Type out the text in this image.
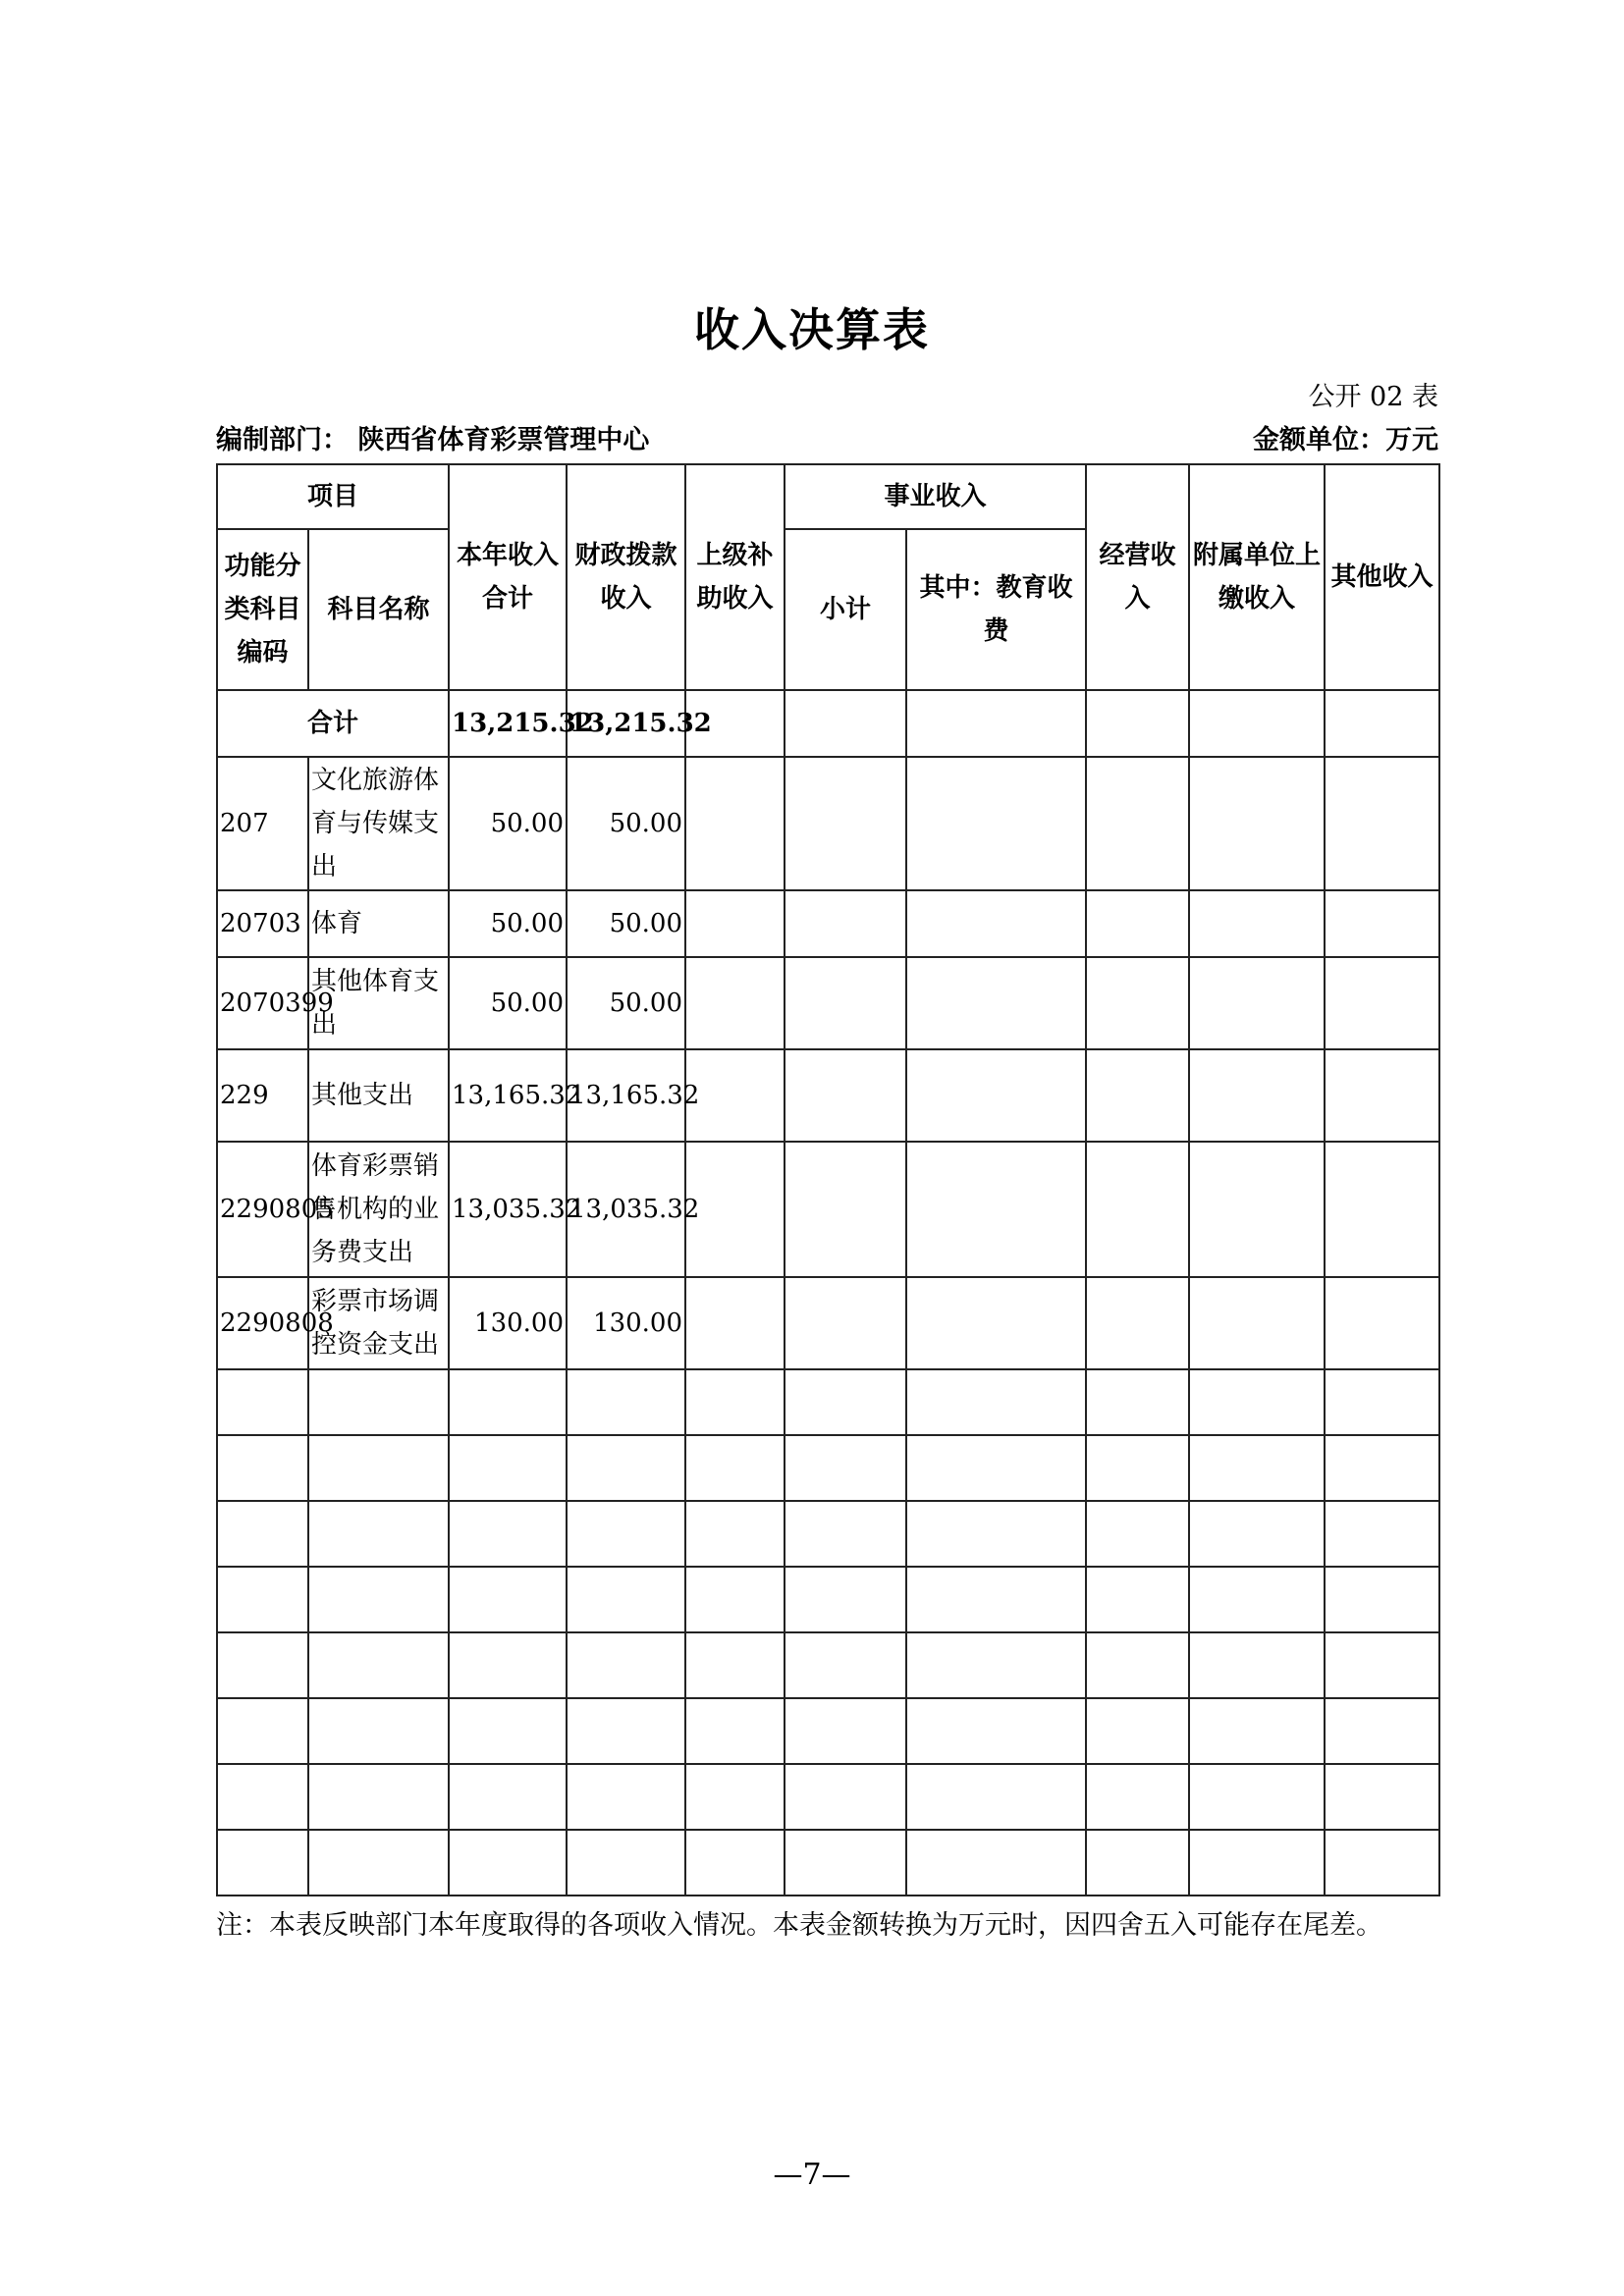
收入决算表
公开 02 表
编制部门： 陕西省体育彩票管理中心	金额单位：万元
项目		本年收入合计	财政拨款收入	上级补助收入	事业收入		经营收入	附属单位上缴收入	其他收入
功能分类科目编码	科目名称				小计	其中：教育收费			
合计		13,215.32	13,215.32						
207	文化旅游体育与传媒支出	50.00	50.00						
20703	体育	50.00	50.00						
2070399	其他体育支出	50.00	50.00						
229	其他支出	13,165.32	13,165.32						
2290805	体育彩票销售机构的业务费支出	13,035.32	13,035.32						
2290808	彩票市场调控资金支出	130.00	130.00						

注：本表反映部门本年度取得的各项收入情况。本表金额转换为万元时，因四舍五入可能存在尾差。
—7—
